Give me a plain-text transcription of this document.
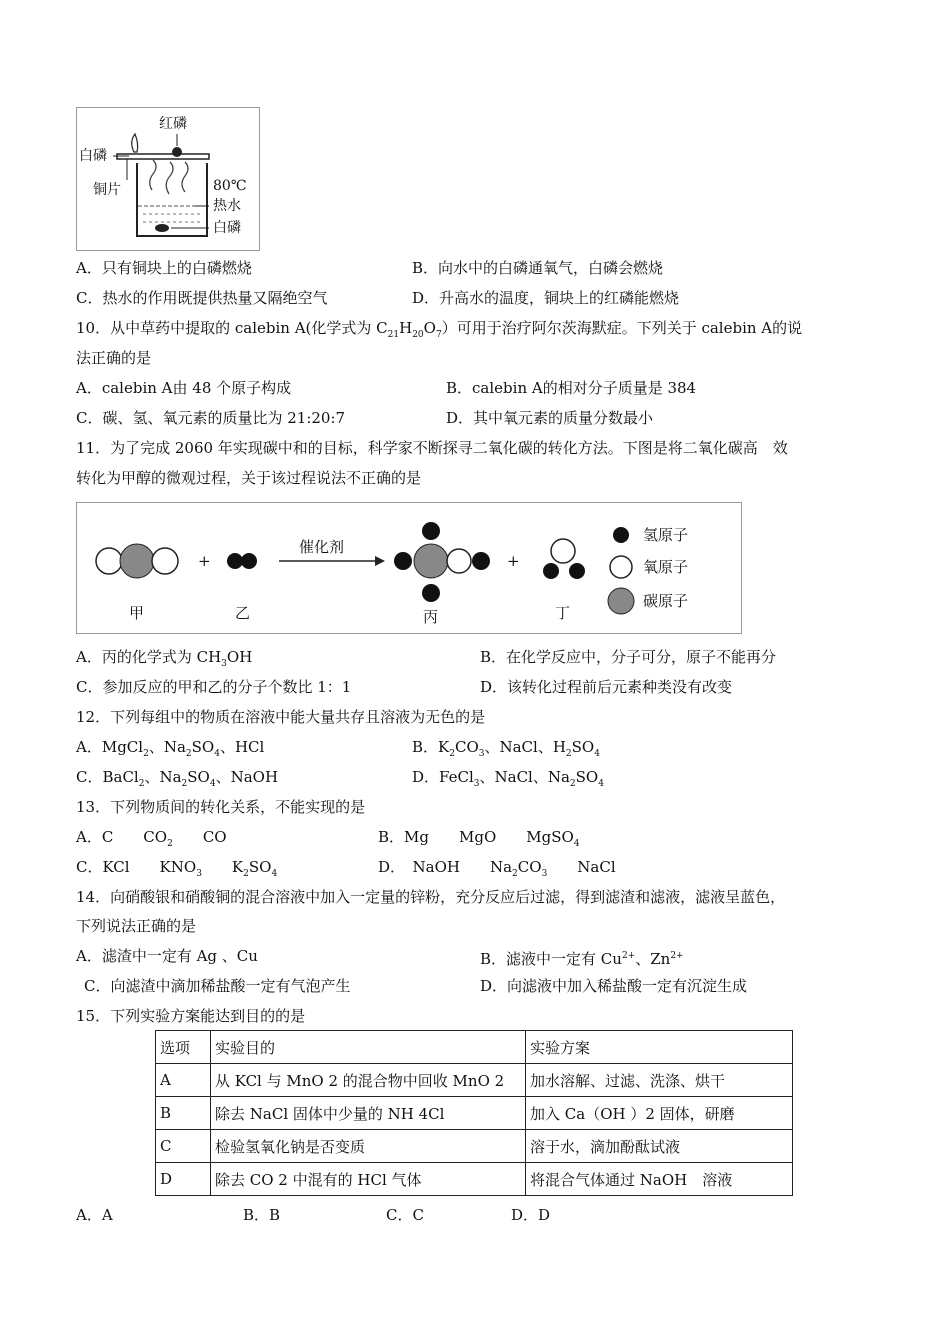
红磷
白磷
铜片	80℃
热水
白磷
A．只有铜块上的白磷燃烧	B．向水中的白磷通氧气，白磷会燃烧
C．热水的作用既提供热量又隔绝空气	D．升高水的温度，铜块上的红磷能燃烧
10．从中草药中提取的 calebin A(化学式为 $C_{21}H_{20}O_7$）可用于治疗阿尔茨海默症。下列关于 calebin A的说
法正确的是
A．calebin A由 48 个原子构成	B．calebin A的相对分子质量是 384
C．碳、氢、氧元素的质量比为 21:20:7	D．其中氧元素的质量分数最小
11．为了完成 2060 年实现碳中和的目标，科学家不断探寻二氧化碳的转化方法。下图是将二氧化碳高　效
转化为甲醇的微观过程，关于该过程说法不正确的是
催化剂
+	+
甲	乙	丙	丁
氢原子
氧原子
碳原子
A．丙的化学式为 $CH_3OH$	B．在化学反应中，分子可分，原子不能再分
C．参加反应的甲和乙的分子个数比 1：1	D．该转化过程前后元素种类没有改变
12．下列每组中的物质在溶液中能大量共存且溶液为无色的是
A．MgCl$_2$、$Na_2SO_4$、HCl	B．$K_2CO_3$、NaCl、$H_2SO_4$
C．BaCl$_2$、$Na_2SO_4$、NaOH	D．FeCl$_3$、NaCl、$Na_2SO_4$
13．下列物质间的转化关系，不能实现的是
A．C　　$CO_2$　　CO	B．Mg　　MgO　　MgSO$_4$
C．KCl　　$KNO_3$　　$K_2SO_4$	D．　NaOH　　$Na_2CO_3$　　NaCl
14．向硝酸银和硝酸铜的混合溶液中加入一定量的锌粉，充分反应后过滤，得到滤渣和滤液，滤液呈蓝色，
下列说法正确的是
A．滤渣中一定有 Ag 、Cu	B．滤液中一定有 $Cu^{2+}$、$Zn^{2+}$
C．向滤渣中滴加稀盐酸一定有气泡产生	D．向滤液中加入稀盐酸一定有沉淀生成
15．下列实验方案能达到目的的是
选项	实验目的	实验方案
A	从 KCl 与 MnO 2 的混合物中回收 MnO 2	加水溶解、过滤、洗涤、烘干
B	除去 NaCl 固体中少量的 NH 4Cl	加入 Ca（OH ）2 固体，研磨
C	检验氢氧化钠是否变质	溶于水，滴加酚酞试液
D	除去 CO 2 中混有的 HCl 气体	将混合气体通过 NaOH　溶液
A．A	B．B	C．C	D．D
